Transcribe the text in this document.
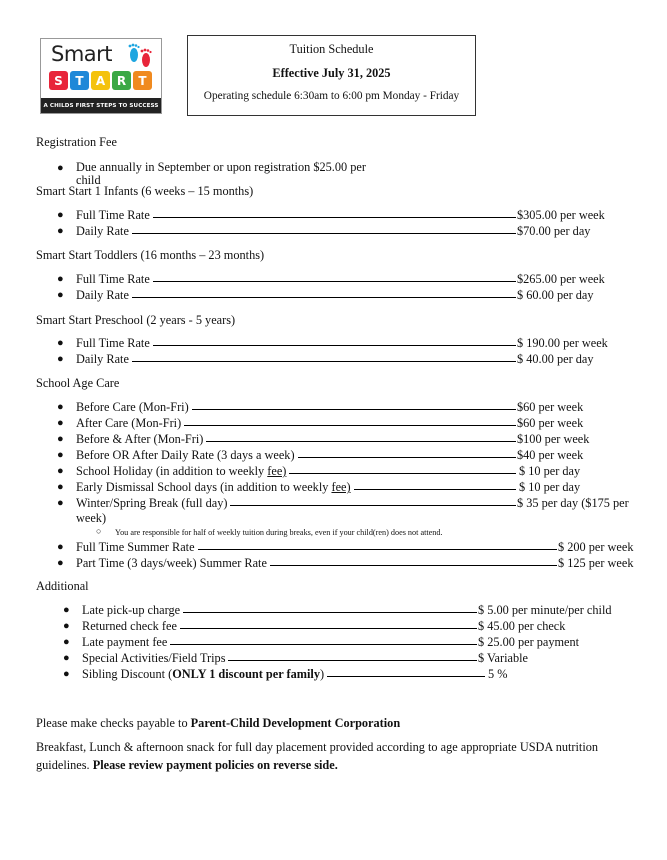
Smart
S	T	A R	T
A CHILDS FIRST STEPS TO SUCCESS
Tuition Schedule
Effective July 31, 2025
Operating schedule 6:30am to 6:00 pm Monday - Friday
Registration Fee
● Due annually in September or upon registration $25.00 per
child
Smart Start 1 Infants (6 weeks – 15 months)
● Full Time Rate	$305.00 per week
● Daily Rate	$70.00 per day
Smart Start Toddlers (16 months – 23 months)
● Full Time Rate	$265.00 per week
● Daily Rate	$ 60.00 per day
Smart Start Preschool (2 years - 5 years)
● Full Time Rate	$ 190.00 per week
● Daily Rate	$ 40.00 per day
School Age Care
● Before Care (Mon-Fri)	$60 per week
● After Care (Mon-Fri)	$60 per week
● Before & After (Mon-Fri)	$100 per week
● Before OR After Daily Rate (3 days a week)	$40 per week
● School Holiday (in addition to weekly fee)	$ 10 per day
● Early Dismissal School days (in addition to weekly fee)	$ 10 per day
● Winter/Spring Break (full day)	$ 35 per day ($175 per
week)
○ You are responsible for half of weekly tuition during breaks, even if your child(ren) does not attend.
● Full Time Summer Rate	$ 200 per week
● Part Time (3 days/week) Summer Rate	$ 125 per week
Additional
● Late pick-up charge	$ 5.00 per minute/per child
● Returned check fee	$ 45.00 per check
● Late payment fee	$ 25.00 per payment
● Special Activities/Field Trips	$ Variable
● Sibling Discount (ONLY 1 discount per family)	5 %
Please make checks payable to Parent-Child Development Corporation
Breakfast, Lunch & afternoon snack for full day placement provided according to age appropriate USDA nutrition
guidelines. Please review payment policies on reverse side.
